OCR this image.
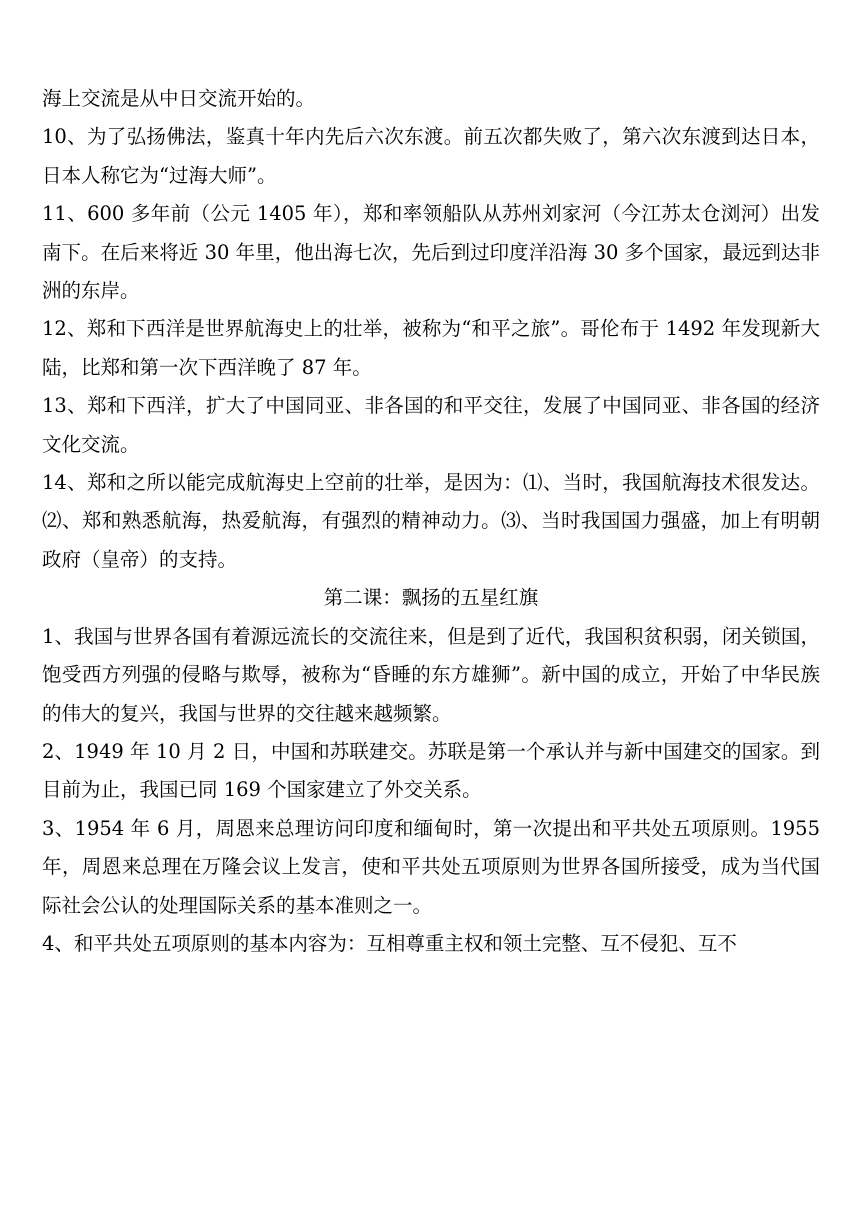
海上交流是从中日交流开始的。

10、为了弘扬佛法，鉴真十年内先后六次东渡。前五次都失败了，第六次东渡到达日本，日本人称它为“过海大师”。

11、600 多年前（公元 1405 年），郑和率领船队从苏州刘家河（今江苏太仓浏河）出发南下。在后来将近 30 年里，他出海七次，先后到过印度洋沿海 30 多个国家，最远到达非洲的东岸。

12、郑和下西洋是世界航海史上的壮举，被称为“和平之旅”。哥伦布于 1492 年发现新大陆，比郑和第一次下西洋晚了 87 年。

13、郑和下西洋，扩大了中国同亚、非各国的和平交往，发展了中国同亚、非各国的经济文化交流。

14、郑和之所以能完成航海史上空前的壮举，是因为：⑴、当时，我国航海技术很发达。⑵、郑和熟悉航海，热爱航海，有强烈的精神动力。⑶、当时我国国力强盛，加上有明朝政府（皇帝）的支持。

第二课：飘扬的五星红旗

1、我国与世界各国有着源远流长的交流往来，但是到了近代，我国积贫积弱，闭关锁国，饱受西方列强的侵略与欺辱，被称为“昏睡的东方雄狮”。新中国的成立，开始了中华民族的伟大的复兴，我国与世界的交往越来越频繁。

2、1949 年 10 月 2 日，中国和苏联建交。苏联是第一个承认并与新中国建交的国家。到目前为止，我国已同 169 个国家建立了外交关系。

3、1954 年 6 月，周恩来总理访问印度和缅甸时，第一次提出和平共处五项原则。1955 年，周恩来总理在万隆会议上发言，使和平共处五项原则为世界各国所接受，成为当代国际社会公认的处理国际关系的基本准则之一。

4、和平共处五项原则的基本内容为：互相尊重主权和领土完整、互不侵犯、互不
